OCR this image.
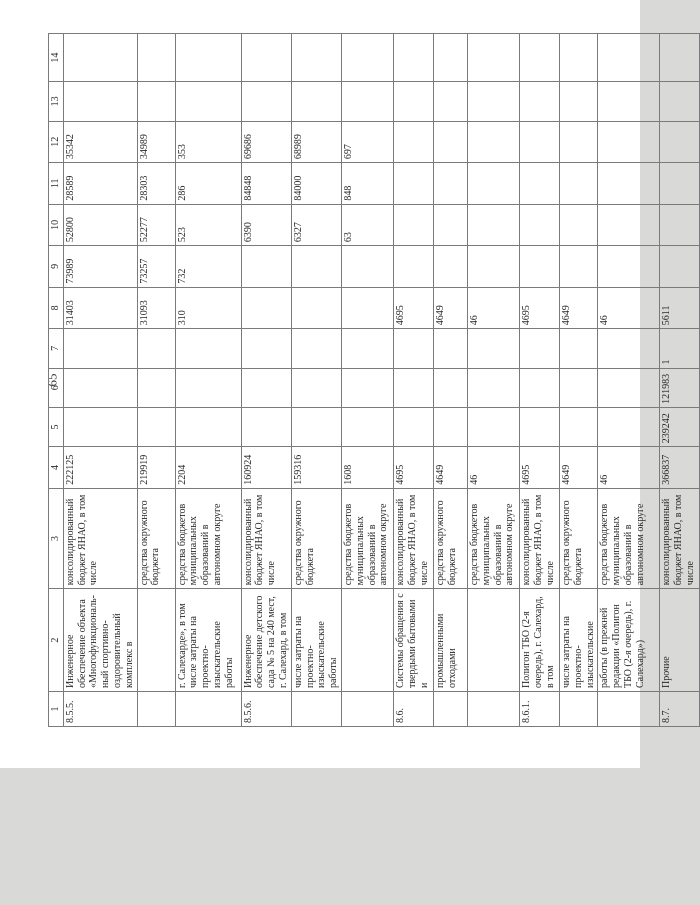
65
1	2	3	4	5	6	7	8	9	10	11	12	13	14
8.5.5.	Инженерное обеспечение объекта «Многофункциональ-ный спортивно-оздоровительный комплекс в	консолидированный бюджет ЯНАО, в том числе	222125				31403	73989	52800	28589	35342		
		средства окружного бюджета	219919				31093	73257	52277	28303	34989		
	г. Салехарде», в том числе затраты на проектно-изыскательские работы	средства бюджетов муниципальных образований в автономном округе	2204				310	732	523	286	353		
8.5.6.	Инженерное обеспечение детского сада № 5 на 240 мест, г. Салехард, в том	консолидированный бюджет ЯНАО, в том числе	160924						6390	84848	69686		
	числе затраты на проектно-изыскательские работы	средства окружного бюджета	159316						6327	84000	68989		
		средства бюджетов муниципальных образований в автономном округе	1608						63	848	697		
8.6.	Системы обращения с твердыми бытовыми и	консолидированный бюджет ЯНАО, в том числе	4695				4695						
	промышленными отходами	средства окружного бюджета	4649				4649						
		средства бюджетов муниципальных образований в автономном округе	46				46						
8.6.1.	Полигон ТБО (2-я очередь), г. Салехард, в том	консолидированный бюджет ЯНАО, в том числе	4695				4695						
	числе затраты на проектно-изыскательские	средства окружного бюджета	4649				4649						
	работы (в прежней редакции «Полигон ТБО (2-я очередь), г. Салехард»)	средства бюджетов муниципальных образований в автономном округе	46				46						
8.7.	Прочие	консолидированный бюджет ЯНАО, в том числе	366837	239242	121983	1	5611						
